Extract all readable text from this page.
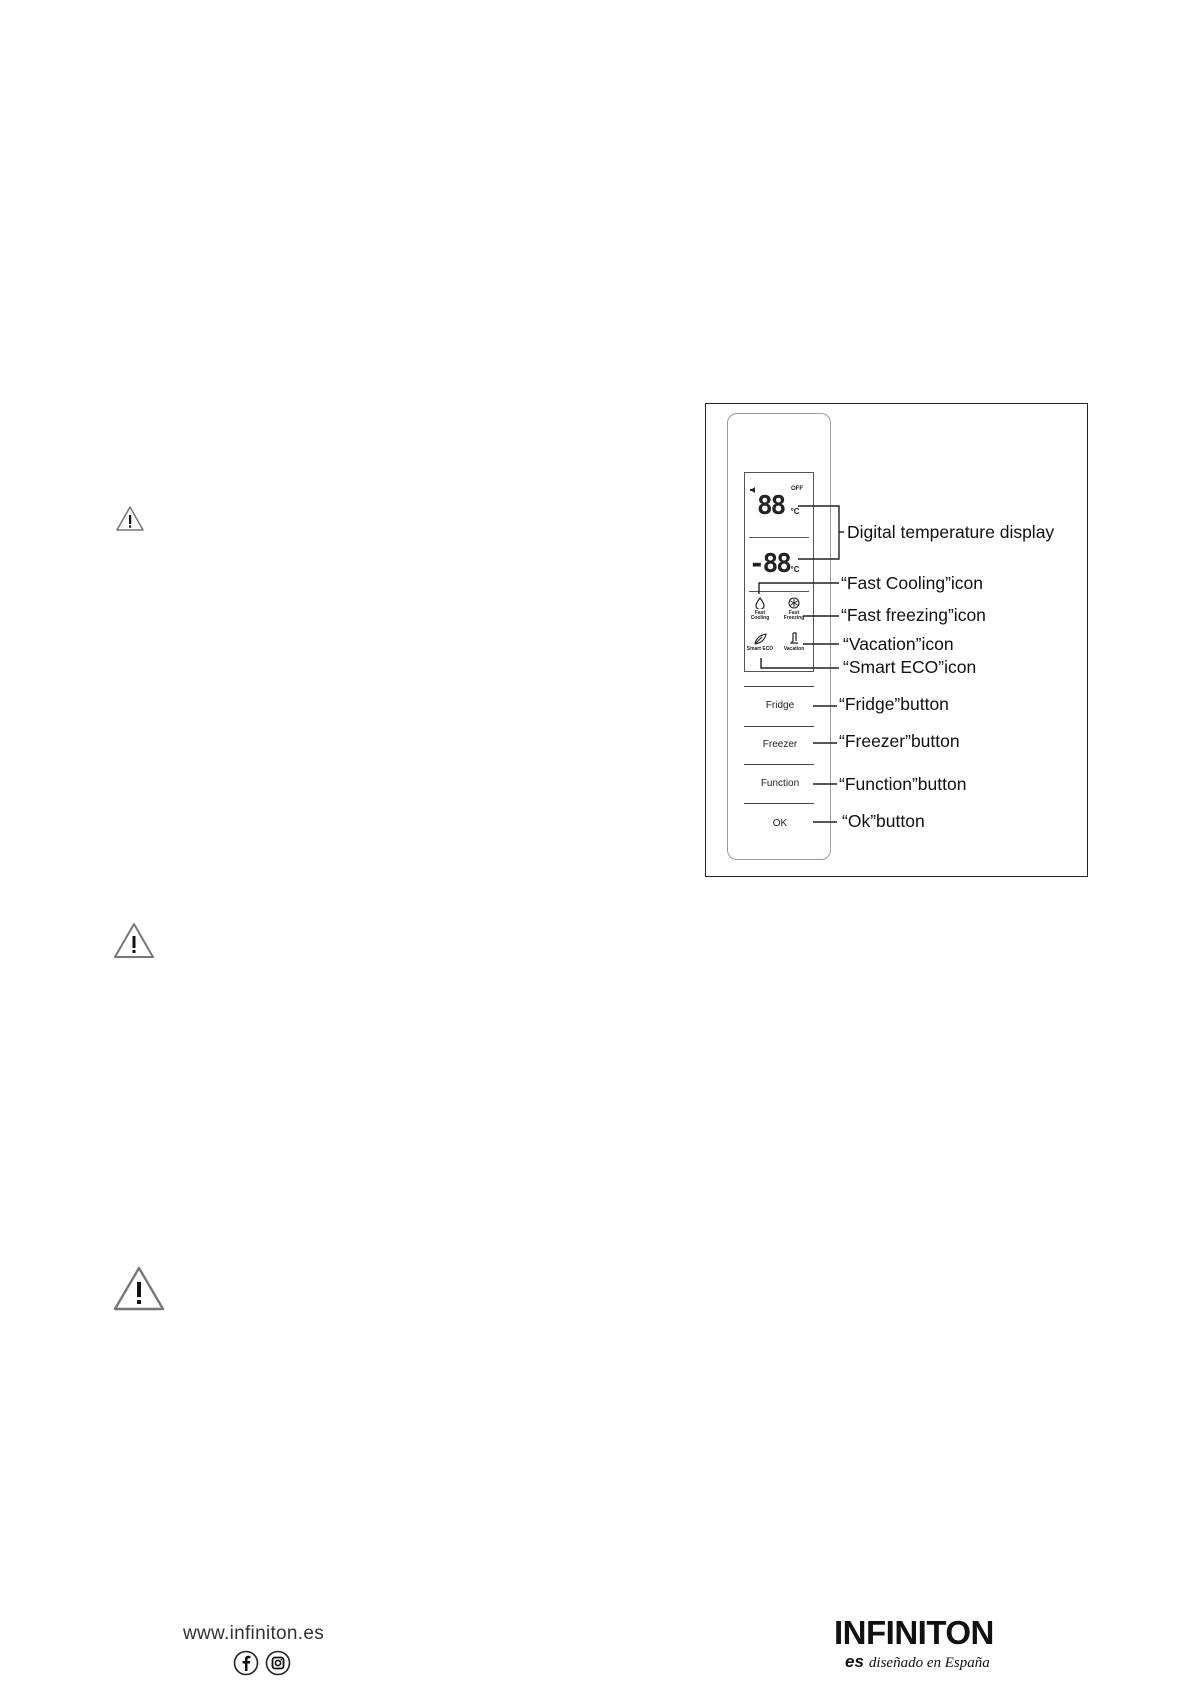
OFF
88 °C
-88 °C
Fast
Cooling
Fast
Freezing
Smart ECO	Vacation
Fridge
Freezer
Function
OK
Digital temperature display
“Fast Cooling”icon
“Fast freezing”icon
“Vacation”icon
“Smart ECO”icon
“Fridge”button
“Freezer”button
“Function”button
“Ok”button
www.infiniton.es
	INFINITON
es diseñado en España
